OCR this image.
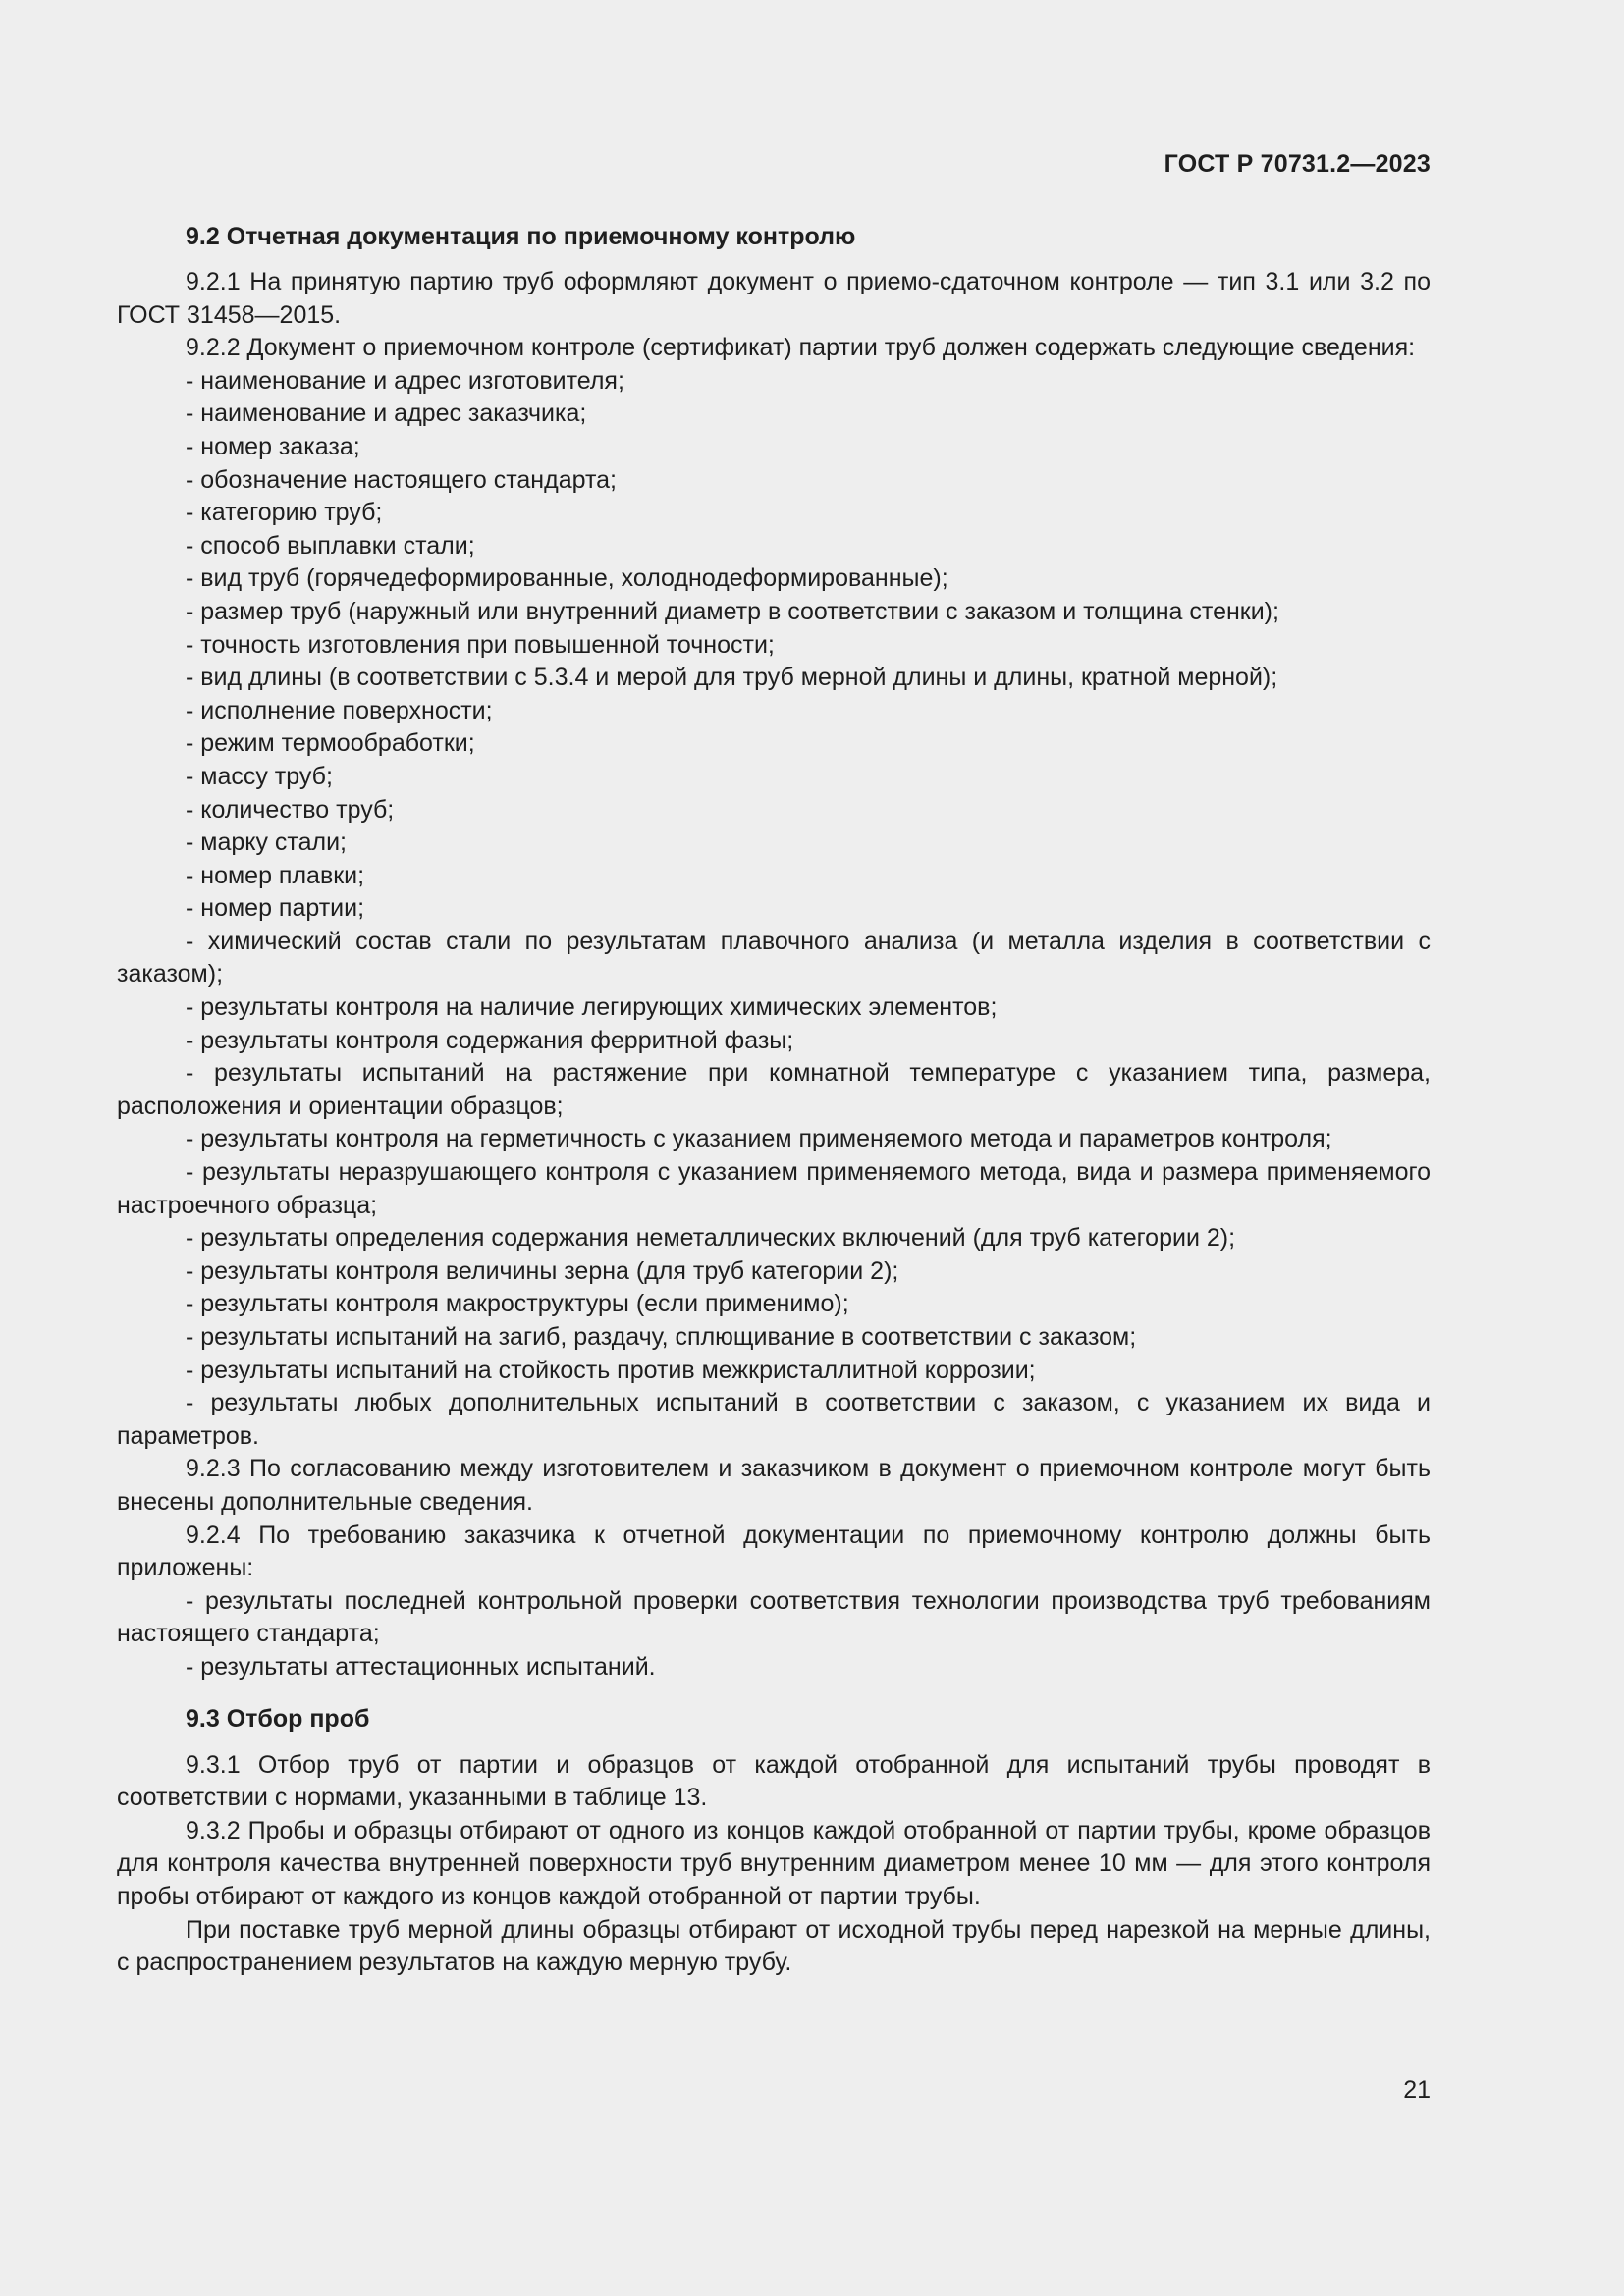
ГОСТ Р 70731.2—2023
9.2 Отчетная документация по приемочному контролю

9.2.1 На принятую партию труб оформляют документ о приемо-сдаточном контроле — тип 3.1 или 3.2 по ГОСТ 31458—2015.

9.2.2 Документ о приемочном контроле (сертификат) партии труб должен содержать следующие сведения:

- наименование и адрес изготовителя;

- наименование и адрес заказчика;

- номер заказа;

- обозначение настоящего стандарта;

- категорию труб;

- способ выплавки стали;

- вид труб (горячедеформированные, холоднодеформированные);

- размер труб (наружный или внутренний диаметр в соответствии с заказом и толщина стенки);

- точность изготовления при повышенной точности;

- вид длины (в соответствии с 5.3.4 и мерой для труб мерной длины и длины, кратной мерной);

- исполнение поверхности;

- режим термообработки;

- массу труб;

- количество труб;

- марку стали;

- номер плавки;

- номер партии;

- химический состав стали по результатам плавочного анализа (и металла изделия в соответствии с заказом);

- результаты контроля на наличие легирующих химических элементов;

- результаты контроля содержания ферритной фазы;

- результаты испытаний на растяжение при комнатной температуре с указанием типа, размера, расположения и ориентации образцов;

- результаты контроля на герметичность с указанием применяемого метода и параметров контроля;

- результаты неразрушающего контроля с указанием применяемого метода, вида и размера применяемого настроечного образца;

- результаты определения содержания неметаллических включений (для труб категории 2);

- результаты контроля величины зерна (для труб категории 2);

- результаты контроля макроструктуры (если применимо);

- результаты испытаний на загиб, раздачу, сплющивание в соответствии с заказом;

- результаты испытаний на стойкость против межкристаллитной коррозии;

- результаты любых дополнительных испытаний в соответствии с заказом, с указанием их вида и параметров.

9.2.3 По согласованию между изготовителем и заказчиком в документ о приемочном контроле могут быть внесены дополнительные сведения.

9.2.4 По требованию заказчика к отчетной документации по приемочному контролю должны быть приложены:

- результаты последней контрольной проверки соответствия технологии производства труб требованиям настоящего стандарта;

- результаты аттестационных испытаний.

9.3 Отбор проб

9.3.1 Отбор труб от партии и образцов от каждой отобранной для испытаний трубы проводят в соответствии с нормами, указанными в таблице 13.

9.3.2 Пробы и образцы отбирают от одного из концов каждой отобранной от партии трубы, кроме образцов для контроля качества внутренней поверхности труб внутренним диаметром менее 10 мм — для этого контроля пробы отбирают от каждого из концов каждой отобранной от партии трубы.

При поставке труб мерной длины образцы отбирают от исходной трубы перед нарезкой на мерные длины, с распространением результатов на каждую мерную трубу.

21
